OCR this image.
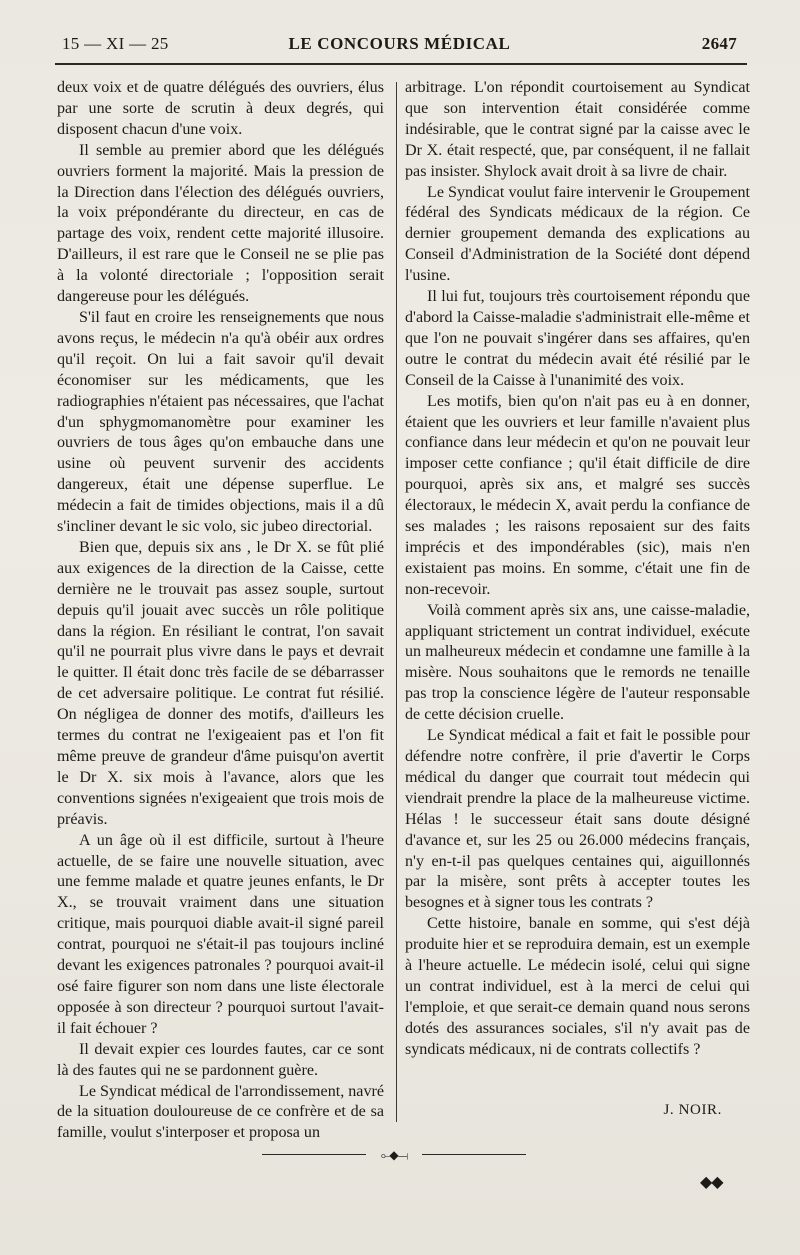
15 — XI — 25	LE CONCOURS MÉDICAL	2647

deux voix et de quatre délégués des ouvriers, élus par une sorte de scrutin à deux degrés, qui disposent chacun d'une voix.

Il semble au premier abord que les délégués ouvriers forment la majorité. Mais la pression de la Direction dans l'élection des délégués ouvriers, la voix prépondérante du directeur, en cas de partage des voix, rendent cette majorité illusoire. D'ailleurs, il est rare que le Conseil ne se plie pas à la volonté directoriale ; l'opposition serait dangereuse pour les délégués.

S'il faut en croire les renseignements que nous avons reçus, le médecin n'a qu'à obéir aux ordres qu'il reçoit. On lui a fait savoir qu'il devait économiser sur les médicaments, que les radiographies n'étaient pas nécessaires, que l'achat d'un sphygmomanomètre pour examiner les ouvriers de tous âges qu'on embauche dans une usine où peuvent survenir des accidents dangereux, était une dépense superflue. Le médecin a fait de timides objections, mais il a dû s'incliner devant le sic volo, sic jubeo directorial.

Bien que, depuis six ans , le Dr X. se fût plié aux exigences de la direction de la Caisse, cette dernière ne le trouvait pas assez souple, surtout depuis qu'il jouait avec succès un rôle politique dans la région. En résiliant le contrat, l'on savait qu'il ne pourrait plus vivre dans le pays et devrait le quitter. Il était donc très facile de se débarrasser de cet adversaire politique. Le contrat fut résilié. On négligea de donner des motifs, d'ailleurs les termes du contrat ne l'exigeaient pas et l'on fit même preuve de grandeur d'âme puisqu'on avertit le Dr X. six mois à l'avance, alors que les conventions signées n'exigeaient que trois mois de préavis.

A un âge où il est difficile, surtout à l'heure actuelle, de se faire une nouvelle situation, avec une femme malade et quatre jeunes enfants, le Dr X., se trouvait vraiment dans une situation critique, mais pourquoi diable avait-il signé pareil contrat, pourquoi ne s'était-il pas toujours incliné devant les exigences patronales ? pourquoi avait-il osé faire figurer son nom dans une liste électorale opposée à son directeur ? pourquoi surtout l'avait-il fait échouer ?

Il devait expier ces lourdes fautes, car ce sont là des fautes qui ne se pardonnent guère.

Le Syndicat médical de l'arrondissement, navré de la situation douloureuse de ce confrère et de sa famille, voulut s'interposer et proposa un

arbitrage. L'on répondit courtoisement au Syndicat que son intervention était considérée comme indésirable, que le contrat signé par la caisse avec le Dr X. était respecté, que, par conséquent, il ne fallait pas insister. Shylock avait droit à sa livre de chair.

Le Syndicat voulut faire intervenir le Groupement fédéral des Syndicats médicaux de la région. Ce dernier groupement demanda des explications au Conseil d'Administration de la Société dont dépend l'usine.

Il lui fut, toujours très courtoisement répondu que d'abord la Caisse-maladie s'administrait elle-même et que l'on ne pouvait s'ingérer dans ses affaires, qu'en outre le contrat du médecin avait été résilié par le Conseil de la Caisse à l'unanimité des voix.

Les motifs, bien qu'on n'ait pas eu à en donner, étaient que les ouvriers et leur famille n'avaient plus confiance dans leur médecin et qu'on ne pouvait leur imposer cette confiance ; qu'il était difficile de dire pourquoi, après six ans, et malgré ses succès électoraux, le médecin X, avait perdu la confiance de ses malades ; les raisons reposaient sur des faits imprécis et des impondérables (sic), mais n'en existaient pas moins. En somme, c'était une fin de non-recevoir.

Voilà comment après six ans, une caisse-maladie, appliquant strictement un contrat individuel, exécute un malheureux médecin et condamne une famille à la misère. Nous souhaitons que le remords ne tenaille pas trop la conscience légère de l'auteur responsable de cette décision cruelle.

Le Syndicat médical a fait et fait le possible pour défendre notre confrère, il prie d'avertir le Corps médical du danger que courrait tout médecin qui viendrait prendre la place de la malheureuse victime. Hélas ! le successeur était sans doute désigné d'avance et, sur les 25 ou 26.000 médecins français, n'y en-t-il pas quelques centaines qui, aiguillonnés par la misère, sont prêts à accepter toutes les besognes et à signer tous les contrats ?

Cette histoire, banale en somme, qui s'est déjà produite hier et se reproduira demain, est un exemple à l'heure actuelle. Le médecin isolé, celui qui signe un contrat individuel, est à la merci de celui qui l'emploie, et que serait-ce demain quand nous serons dotés des assurances sociales, s'il n'y avait pas de syndicats médicaux, ni de contrats collectifs ?

J. NOIR.
⟜◆⟞
◆◆
